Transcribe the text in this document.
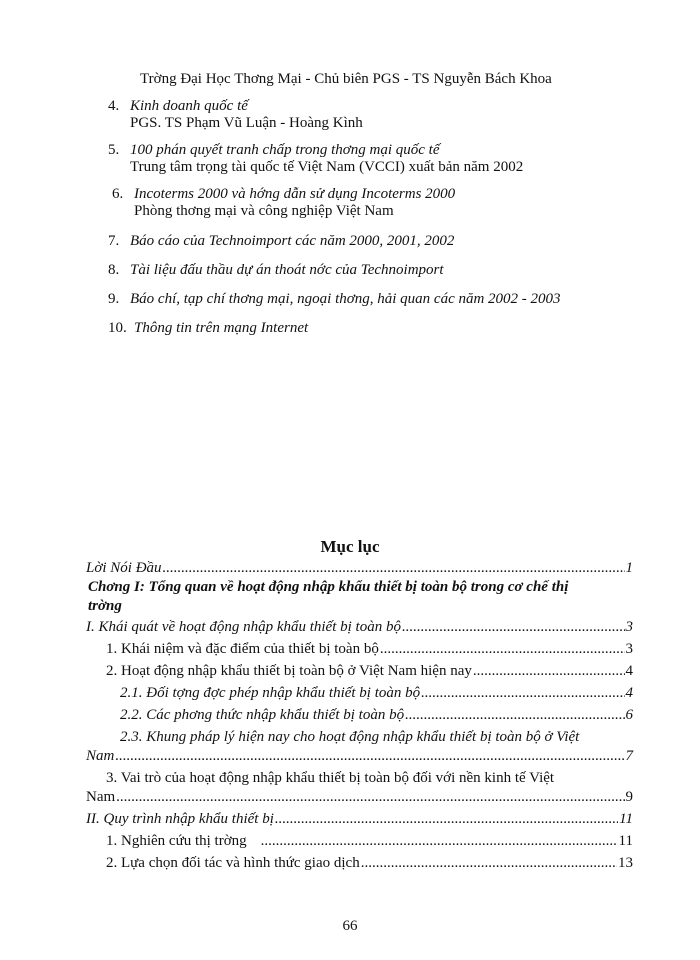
Trờng Đại Học Thơng Mại - Chủ biên PGS - TS Nguyễn Bách Khoa
4. Kinh doanh quốc tế
PGS. TS Phạm Vũ Luận - Hoàng Kình
5. 100 phán quyết tranh chấp trong thơng mại quốc tế
Trung tâm trọng tài quốc tế Việt Nam (VCCI) xuất bản năm 2002
6. Incoterms 2000 và hớng dẫn sử dụng Incoterms 2000
Phòng thơng mại và công nghiệp Việt Nam
7. Báo cáo của Technoimport các năm 2000, 2001, 2002
8. Tài liệu đấu thầu dự án thoát nớc của Technoimport
9. Báo chí, tạp chí thơng mại, ngoại thơng, hải quan các năm 2002 - 2003
10. Thông tin trên mạng Internet
Mục lục
Lời Nói Đầu .....	1
Chơng I: Tổng quan về hoạt động nhập khẩu thiết bị toàn bộ trong cơ chế thị
trờng
I. Khái quát về hoạt động nhập khẩu thiết bị toàn bộ .....	3
1. Khái niệm và đặc điểm của thiết bị toàn bộ .....	3
2. Hoạt động nhập khẩu thiết bị toàn bộ ở Việt Nam hiện nay .....	4
2.1. Đối tợng đợc phép nhập khẩu thiết bị toàn bộ .....	4
2.2. Các phơng thức nhập khẩu thiết bị toàn bộ .....	6
2.3. Khung pháp lý hiện nay cho hoạt động nhập khẩu thiết bị toàn bộ ở Việt
Nam .....	7
3. Vai trò của hoạt động nhập khẩu thiết bị toàn bộ đối với nền kinh tế Việt
Nam .....	9
II. Quy trình nhập khẩu thiết bị .....	11
1. Nghiên cứu thị trờng .....	11
2. Lựa chọn đối tác và hình thức giao dịch .....	13
66
